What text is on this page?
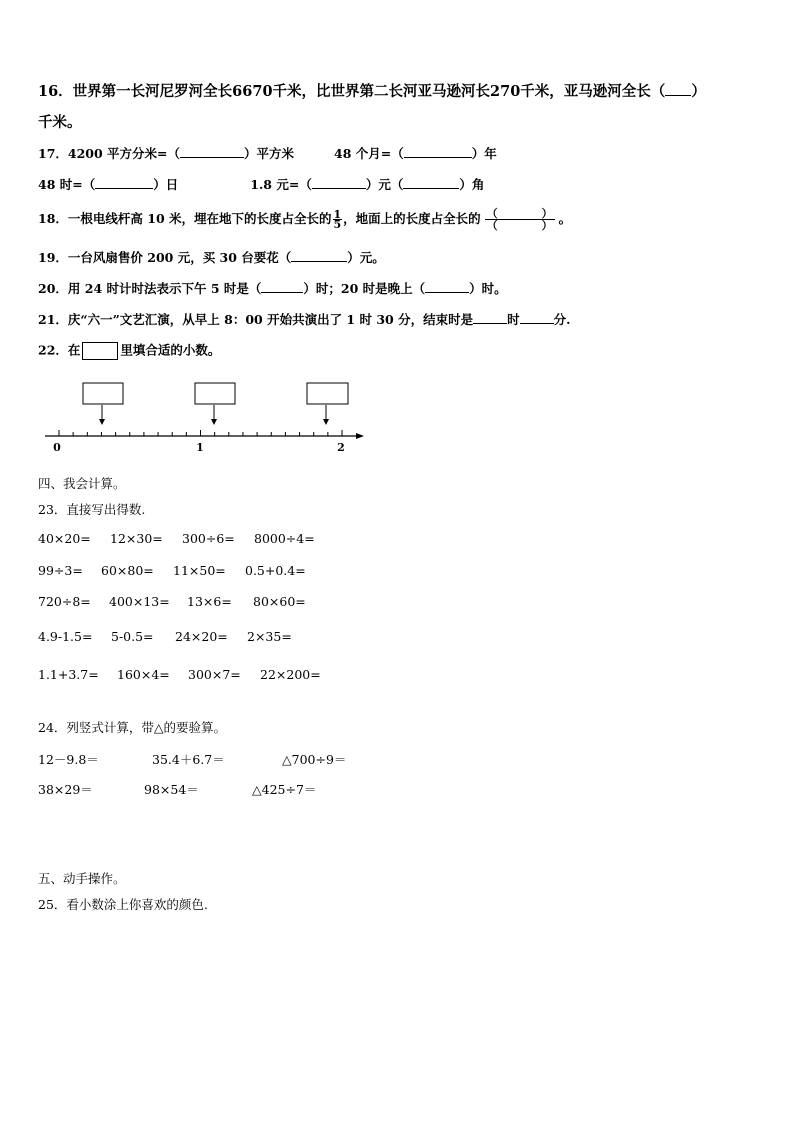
16．世界第一长河尼罗河全长6670千米，比世界第二长河亚马逊河长270千米，亚马逊河全长（ ）
千米。
17．4200 平方分米=（	）平方米	48 个月=（	）年
48 时=（	）日	1.8 元=（	）元（	）角
18．一根电线杆高 10 米，埋在地下的长度占全长的 $\frac{1}{5}$ ，地面上的长度占全长的 $\frac{( )}{( )}$ 。
19．一台风扇售价 200 元，买 30 台要花（	）元。
20．用 24 时计时法表示下午 5 时是（	）时；20 时是晚上（	）时。
21．庆“六一”文艺汇演，从早上 8：00 开始共演出了 1 时 30 分，结束时是	时	分.
22．在	里填合适的小数。
0	1	2
四、我会计算。
23．直接写出得数.
40×20= 12×30= 300÷6= 8000÷4=
99÷3= 60×80= 11×50= 0.5+0.4=
720÷8= 400×13= 13×6= 80×60=
4.9-1.5= 5-0.5= 24×20= 2×35=
1.1+3.7= 160×4= 300×7= 22×200=
24．列竖式计算，带△的要验算。
12－9.8＝	35.4＋6.7＝	△700÷9＝
38×29＝	98×54＝	△425÷7＝
五、动手操作。
25．看小数涂上你喜欢的颜色.
